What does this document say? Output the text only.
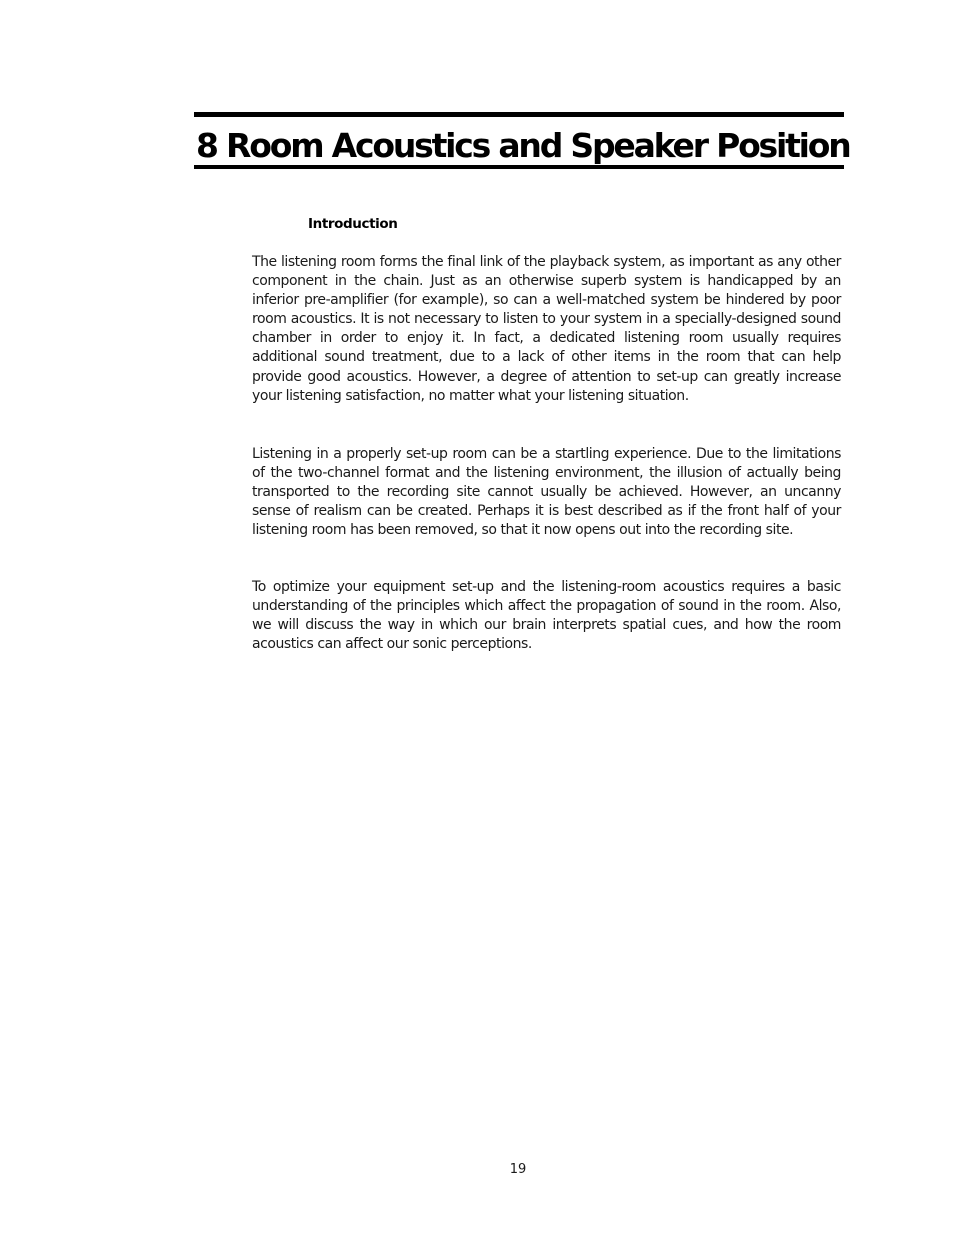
8 Room Acoustics and Speaker Position
Introduction

The listening room forms the final link of the playback system, as important as any other component in the chain. Just as an otherwise superb system is handicapped by an inferior pre-amplifier (for example), so can a well-matched system be hindered by poor room acoustics. It is not necessary to listen to your system in a specially-designed sound chamber in order to enjoy it. In fact, a dedicated listening room usually requires additional sound treatment, due to a lack of other items in the room that can help provide good acoustics. However, a degree of attention to set-up can greatly increase your listening satisfaction, no matter what your listening situation.

Listening in a properly set-up room can be a startling experience. Due to the limitations of the two-channel format and the listening environment, the illusion of actually being transported to the recording site cannot usually be achieved. However, an uncanny sense of realism can be created. Perhaps it is best described as if the front half of your listening room has been removed, so that it now opens out into the recording site.

To optimize your equipment set-up and the listening-room acoustics requires a basic understanding of the principles which affect the propagation of sound in the room. Also, we will discuss the way in which our brain interprets spatial cues, and how the room acoustics can affect our sonic perceptions.

19
